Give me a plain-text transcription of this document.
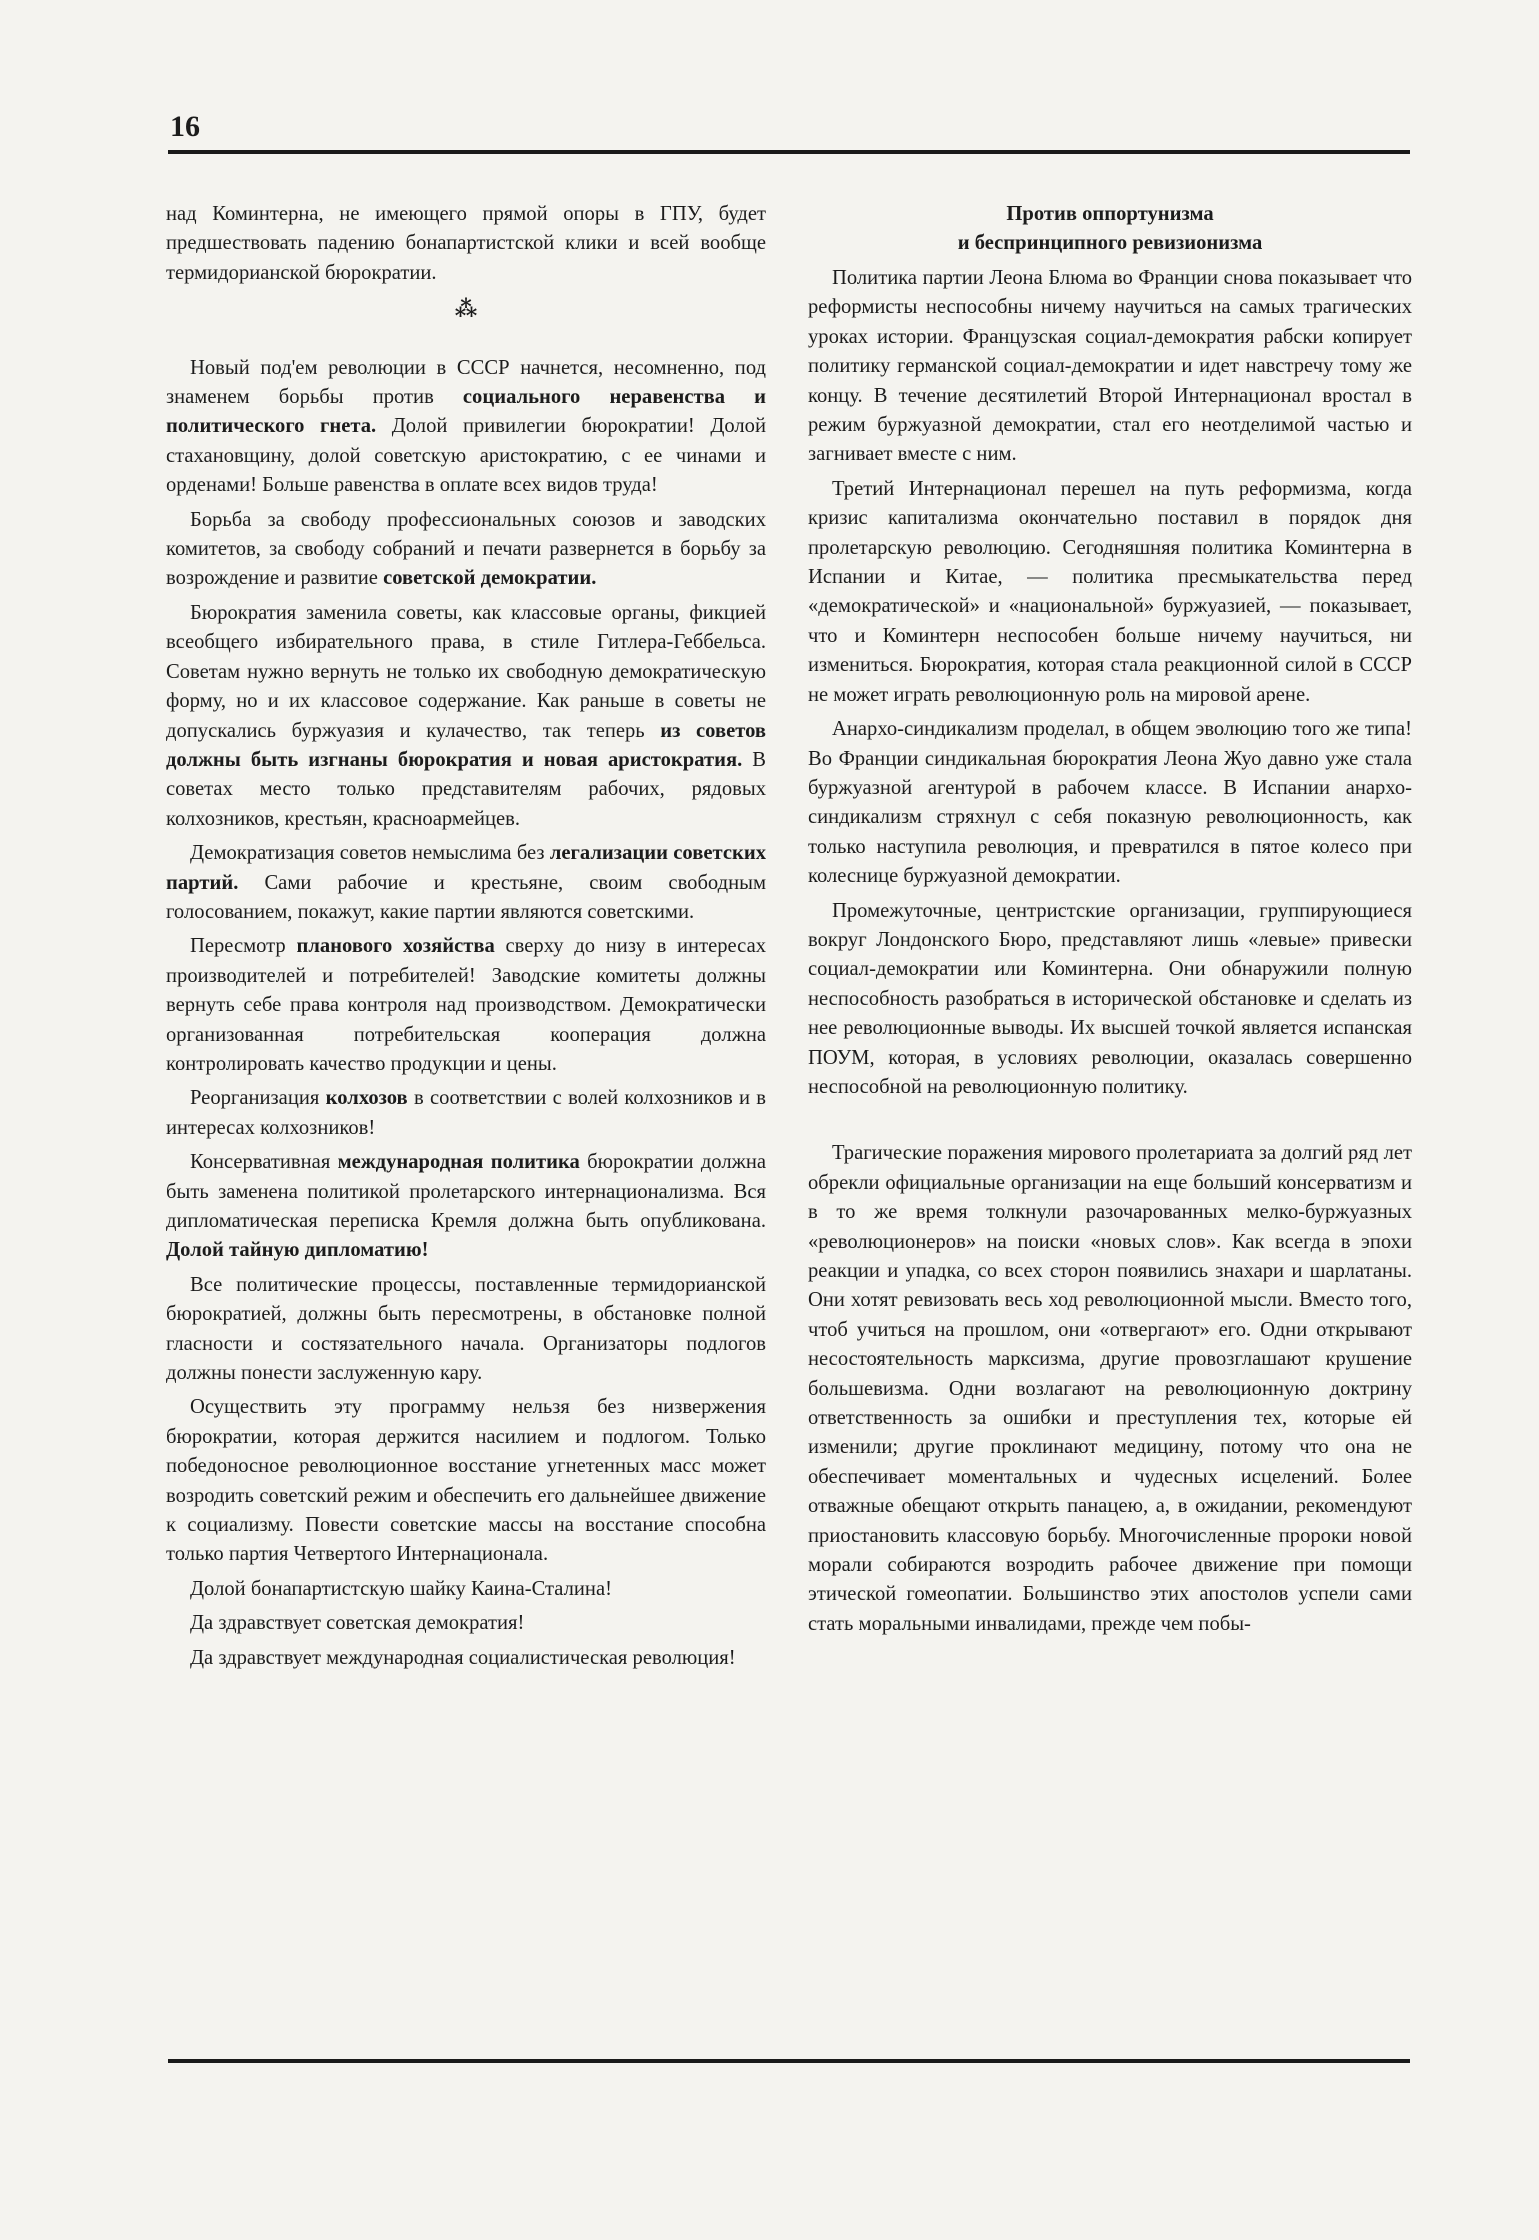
16

над Коминтерна, не имеющего прямой опоры в ГПУ, будет предшествовать падению бонапартистской клики и всей вообще термидорианской бюрократии.

⁂

Новый под'ем революции в СССР начнется, несомненно, под знаменем борьбы против социального неравенства и политического гнета. Долой привилегии бюрократии! Долой стахановщину, долой советскую аристократию, с ее чинами и орденами! Больше равенства в оплате всех видов труда!

Борьба за свободу профессиональных союзов и заводских комитетов, за свободу собраний и печати развернется в борьбу за возрождение и развитие советской демократии.

Бюрократия заменила советы, как классовые органы, фикцией всеобщего избирательного права, в стиле Гитлера-Геббельса. Советам нужно вернуть не только их свободную демократическую форму, но и их классовое содержание. Как раньше в советы не допускались буржуазия и кулачество, так теперь из советов должны быть изгнаны бюрократия и новая аристократия. В советах место только представителям рабочих, рядовых колхозников, крестьян, красноармейцев.

Демократизация советов немыслима без легализации советских партий. Сами рабочие и крестьяне, своим свободным голосованием, покажут, какие партии являются советскими.

Пересмотр планового хозяйства сверху до низу в интересах производителей и потребителей! Заводские комитеты должны вернуть себе права контроля над производством. Демократически организованная потребительская кооперация должна контролировать качество продукции и цены.

Реорганизация колхозов в соответствии с волей колхозников и в интересах колхозников!

Консервативная международная политика бюрократии должна быть заменена политикой пролетарского интернационализма. Вся дипломатическая переписка Кремля должна быть опубликована. Долой тайную дипломатию!

Все политические процессы, поставленные термидорианской бюрократией, должны быть пересмотрены, в обстановке полной гласности и состязательного начала. Организаторы подлогов должны понести заслуженную кару.

Осуществить эту программу нельзя без низвержения бюрократии, которая держится насилием и подлогом. Только победоносное революционное восстание угнетенных масс может возродить советский режим и обеспечить его дальнейшее движение к социализму. Повести советские массы на восстание способна только партия Четвертого Интернационала.

Долой бонапартистскую шайку Каина-Сталина!

Да здравствует советская демократия!

Да здравствует международная социалистическая революция!

Против оппортунизма
и беспринципного ревизионизма

Политика партии Леона Блюма во Франции снова показывает что реформисты неспособны ничему научиться на самых трагических уроках истории. Французская социал-демократия рабски копирует политику германской социал-демократии и идет навстречу тому же концу. В течение десятилетий Второй Интернационал вростал в режим буржуазной демократии, стал его неотделимой частью и загнивает вместе с ним.

Третий Интернационал перешел на путь реформизма, когда кризис капитализма окончательно поставил в порядок дня пролетарскую революцию. Сегодняшняя политика Коминтерна в Испании и Китае, — политика пресмыкательства перед «демократической» и «национальной» буржуазией, — показывает, что и Коминтерн неспособен больше ничему научиться, ни измениться. Бюрократия, которая стала реакционной силой в СССР не может играть революционную роль на мировой арене.

Анархо-синдикализм проделал, в общем эволюцию того же типа! Во Франции синдикальная бюрократия Леона Жуо давно уже стала буржуазной агентурой в рабочем классе. В Испании анархо-синдикализм стряхнул с себя показную революционность, как только наступила революция, и превратился в пятое колесо при колеснице буржуазной демократии.

Промежуточные, центристские организации, группирующиеся вокруг Лондонского Бюро, представляют лишь «левые» привески социал-демократии или Коминтерна. Они обнаружили полную неспособность разобраться в исторической обстановке и сделать из нее революционные выводы. Их высшей точкой является испанская ПОУМ, которая, в условиях революции, оказалась совершенно неспособной на революционную политику.

Трагические поражения мирового пролетариата за долгий ряд лет обрекли официальные организации на еще больший консерватизм и в то же время толкнули разочарованных мелко-буржуазных «революционеров» на поиски «новых слов». Как всегда в эпохи реакции и упадка, со всех сторон появились знахари и шарлатаны. Они хотят ревизовать весь ход революционной мысли. Вместо того, чтоб учиться на прошлом, они «отвергают» его. Одни открывают несостоятельность марксизма, другие провозглашают крушение большевизма. Одни возлагают на революционную доктрину ответственность за ошибки и преступления тех, которые ей изменили; другие проклинают медицину, потому что она не обеспечивает моментальных и чудесных исцелений. Более отважные обещают открыть панацею, а, в ожидании, рекомендуют приостановить классовую борьбу. Многочисленные пророки новой морали собираются возродить рабочее движение при помощи этической гомеопатии. Большинство этих апостолов успели сами стать моральными инвалидами, прежде чем побы-
